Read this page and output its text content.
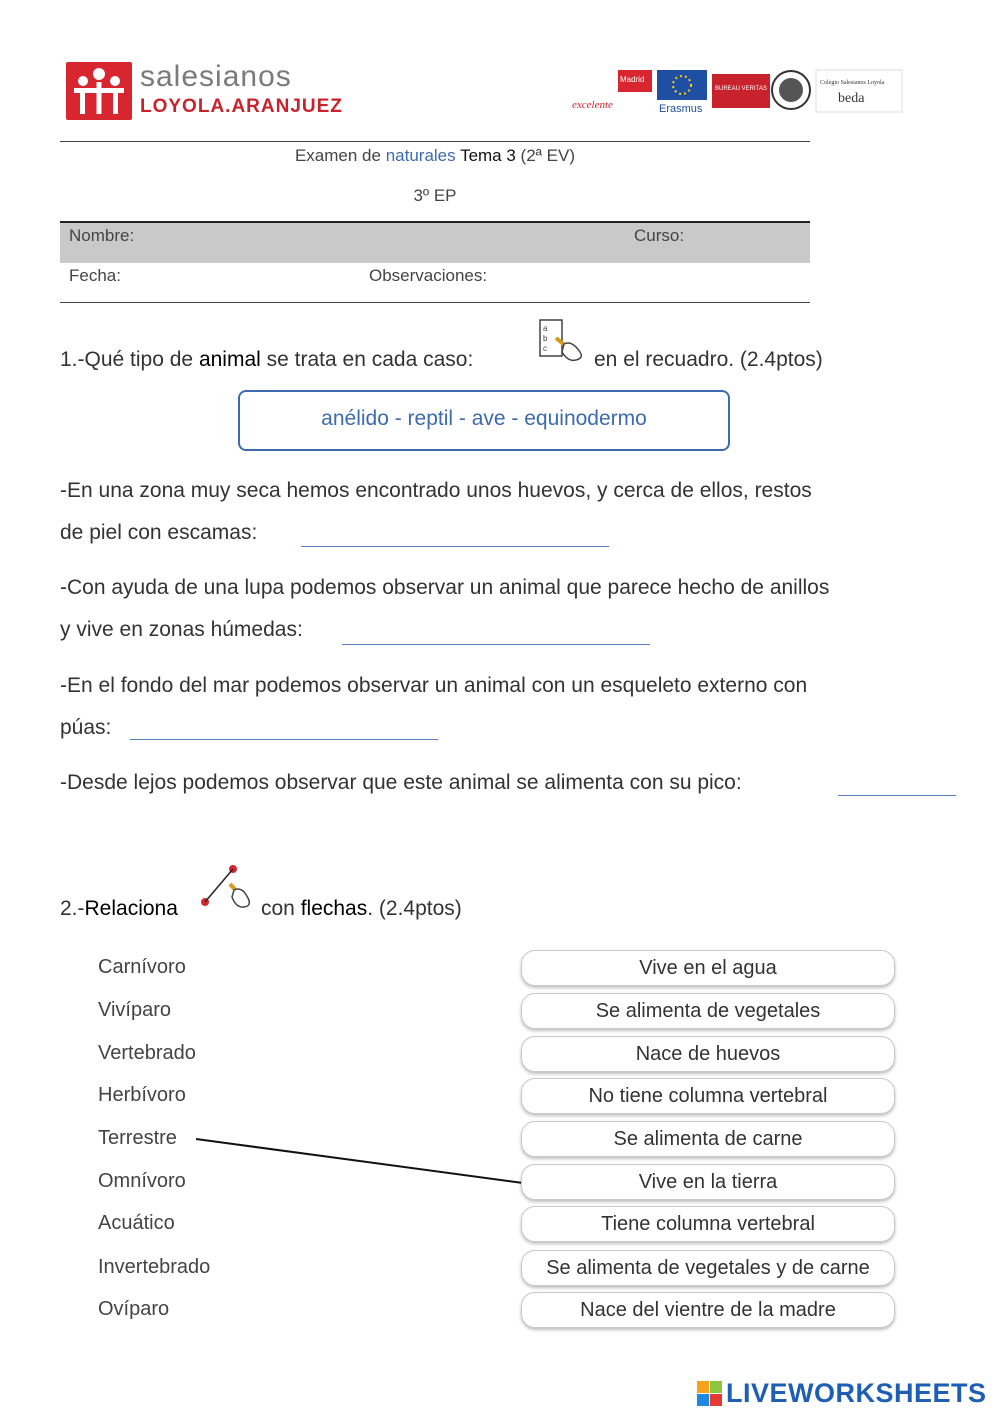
salesianos
LOYOLA.ARANJUEZ	excelente
Madrid
Erasmus
BUREAU VERITAS
Colegio Salesianos Loyola
beda
Examen de naturales Tema 3 (2ª EV)
3º EP
Nombre:	Curso:
Fecha:	Observaciones:
1.-Qué tipo de animal se trata en cada caso:
a
b
c en el recuadro. (2.4ptos)
anélido - reptil - ave - equinodermo
-En una zona muy seca hemos encontrado unos huevos, y cerca de ellos, restos
de piel con escamas:
-Con ayuda de una lupa podemos observar un animal que parece hecho de anillos
y vive en zonas húmedas:
-En el fondo del mar podemos observar un animal con un esqueleto externo con
púas:
-Desde lejos podemos observar que este animal se alimenta con su pico:
2.-Relaciona	con flechas. (2.4ptos)
Carnívoro
Vivíparo
Vertebrado
Herbívoro
Terrestre
Omnívoro
Acuático
Invertebrado
Ovíparo
Vive en el agua
Se alimenta de vegetales
Nace de huevos
No tiene columna vertebral
Se alimenta de carne
Vive en la tierra
Tiene columna vertebral
Se alimenta de vegetales y de carne
Nace del vientre de la madre
LIVEWORKSHEETS
